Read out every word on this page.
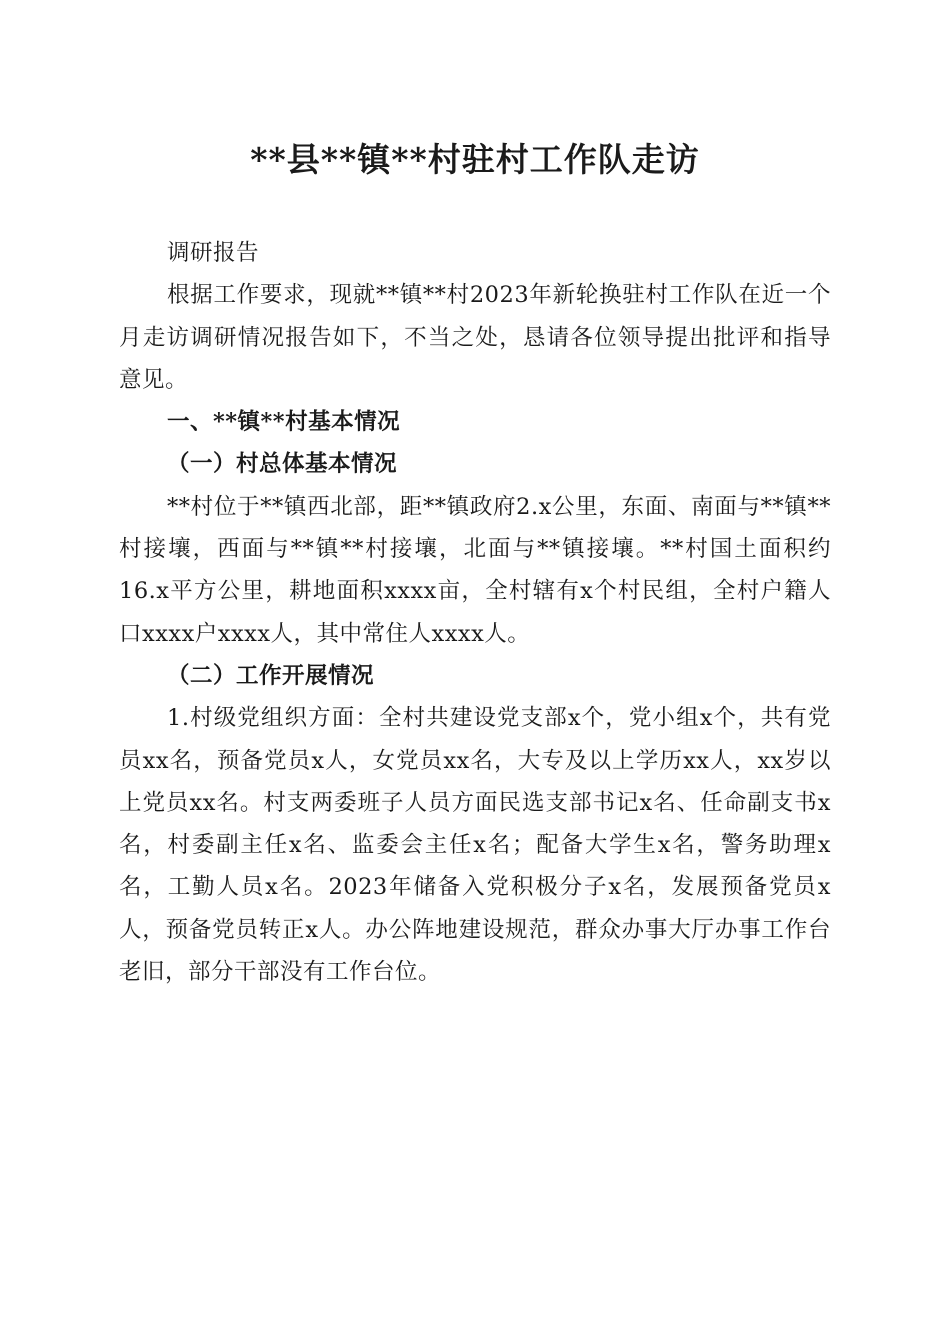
**县**镇**村驻村工作队走访

调研报告

根据工作要求，现就**镇**村2023年新轮换驻村工作队在近一个月走访调研情况报告如下，不当之处，恳请各位领导提出批评和指导意见。

一、**镇**村基本情况

（一）村总体基本情况

**村位于**镇西北部，距**镇政府2.x公里，东面、南面与**镇**村接壤，西面与**镇**村接壤，北面与**镇接壤。**村国土面积约16.x平方公里，耕地面积xxxx亩，全村辖有x个村民组，全村户籍人口xxxx户xxxx人，其中常住人xxxx人。

（二）工作开展情况

1.村级党组织方面：全村共建设党支部x个，党小组x个，共有党员xx名，预备党员x人，女党员xx名，大专及以上学历xx人，xx岁以上党员xx名。村支两委班子人员方面民选支部书记x名、任命副支书x名，村委副主任x名、监委会主任x名；配备大学生x名，警务助理x名，工勤人员x名。2023年储备入党积极分子x名，发展预备党员x人，预备党员转正x人。办公阵地建设规范，群众办事大厅办事工作台老旧，部分干部没有工作台位。
